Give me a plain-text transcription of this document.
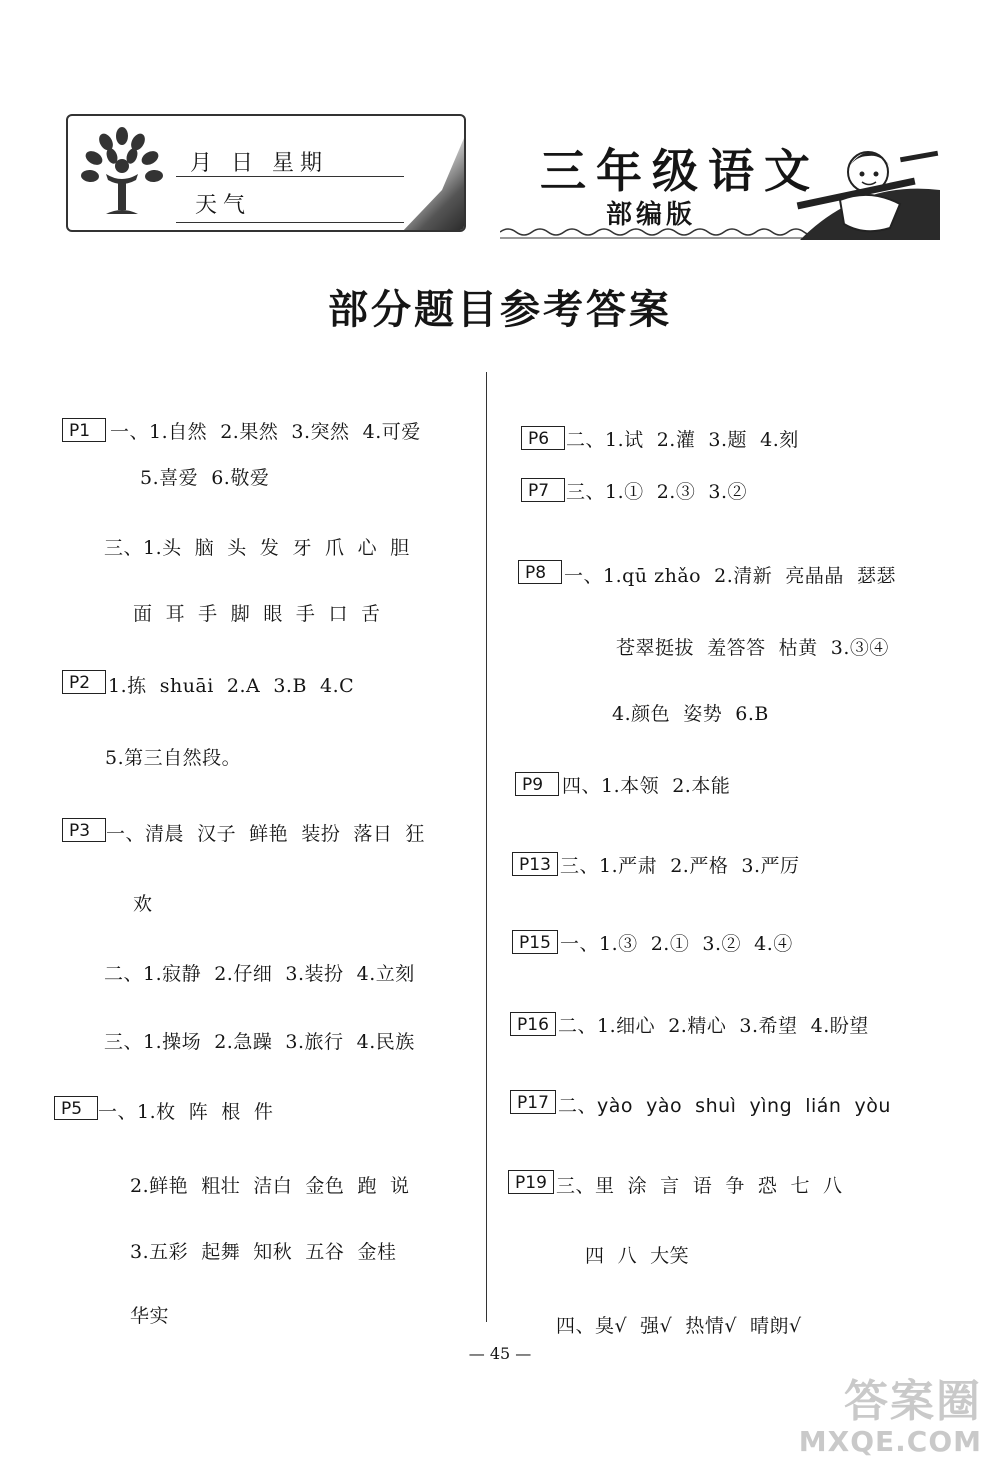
月 日 星期
天气
三年级语文
部编版
部分题目参考答案
P1	一、1.自然  2.果然  3.突然  4.可爱
5.喜爱  6.敬爱
三、1.头  脑  头  发  牙  爪  心  胆
面  耳  手  脚  眼  手  口  舌
P2 1.拣  shuāi  2.A  3.B  4.C
5.第三自然段。
P3 一、清晨  汉子  鲜艳  装扮  落日  狂
欢
二、1.寂静  2.仔细  3.装扮  4.立刻
三、1.操场  2.急躁  3.旅行  4.民族
P5 一、1.枚  阵  根  件
2.鲜艳  粗壮  洁白  金色  跑  说
3.五彩  起舞  知秋  五谷  金桂
华实
P6 二、1.试  2.灌  3.题  4.刻
P7 三、1.①  2.③  3.②
P8 一、1.qū zhǎo  2.清新  亮晶晶  瑟瑟
苍翠挺拔  羞答答  枯黄  3.③④
4.颜色  姿势  6.B
P9 四、1.本领  2.本能
P13 三、1.严肃  2.严格  3.严厉
P15 一、1.③  2.①  3.②  4.④
P16 二、1.细心  2.精心  3.希望  4.盼望
P17 二、yào  yào  shuì  yìng  lián  yòu
P19 三、里  涂  言  语  争  恐  七  八
四  八  大笑
四、臭√  强√  热情√  晴朗√
— 45 —
答案圈
MXQE.COM
